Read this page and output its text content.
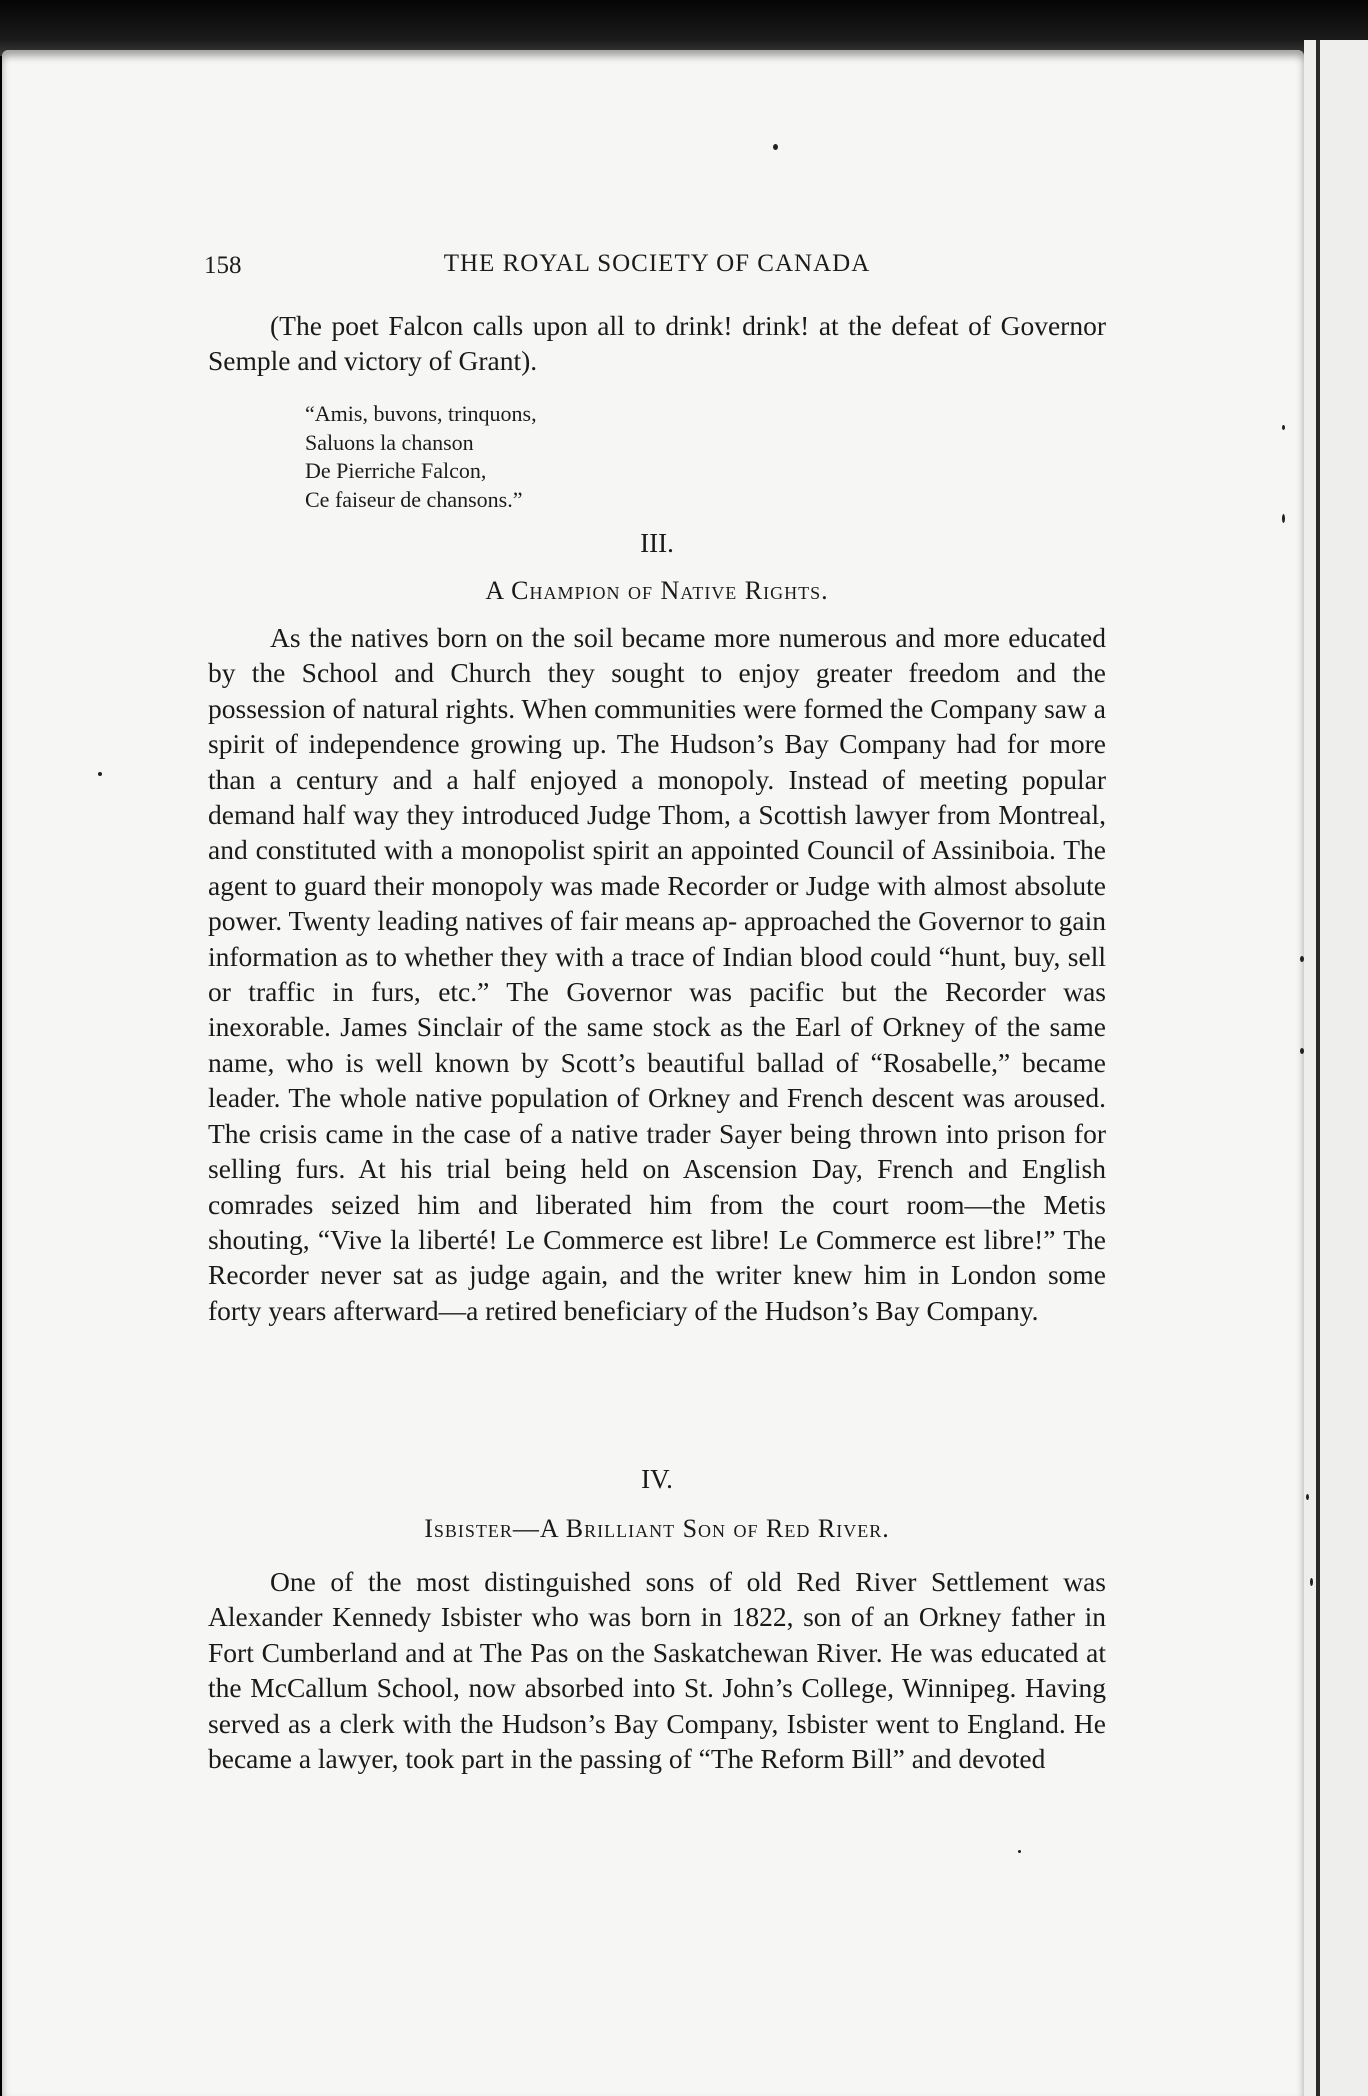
158	THE ROYAL SOCIETY OF CANADA

(The poet Falcon calls upon all to drink! drink! at the defeat of Governor Semple and victory of Grant).

“Amis, buvons, trinquons,
Saluons la chanson
De Pierriche Falcon,
Ce faiseur de chansons.”
III.
A Champion of Native Rights.

As the natives born on the soil became more numerous and more educated by the School and Church they sought to enjoy greater freedom and the possession of natural rights. When communities were formed the Company saw a spirit of independence growing up. The Hudson’s Bay Company had for more than a century and a half enjoyed a monopoly. Instead of meeting popular demand half way they introduced Judge Thom, a Scottish lawyer from Montreal, and constituted with a monopolist spirit an appointed Council of Assiniboia. The agent to guard their monopoly was made Recorder or Judge with almost absolute power. Twenty leading natives of fair means ap- approached the Governor to gain information as to whether they with a trace of Indian blood could “hunt, buy, sell or traffic in furs, etc.” The Governor was pacific but the Recorder was inexorable. James Sinclair of the same stock as the Earl of Orkney of the same name, who is well known by Scott’s beautiful ballad of “Rosabelle,” became leader. The whole native population of Orkney and French descent was aroused. The crisis came in the case of a native trader Sayer being thrown into prison for selling furs. At his trial being held on Ascension Day, French and English comrades seized him and liberated him from the court room—the Metis shouting, “Vive la liberté! Le Commerce est libre! Le Commerce est libre!” The Recorder never sat as judge again, and the writer knew him in London some forty years afterward—a retired beneficiary of the Hudson’s Bay Company.

IV.
Isbister—A Brilliant Son of Red River.

One of the most distinguished sons of old Red River Settlement was Alexander Kennedy Isbister who was born in 1822, son of an Orkney father in Fort Cumberland and at The Pas on the Saskatchewan River. He was educated at the McCallum School, now absorbed into St. John’s College, Winnipeg. Having served as a clerk with the Hudson’s Bay Company, Isbister went to England. He became a lawyer, took part in the passing of “The Reform Bill” and devoted
